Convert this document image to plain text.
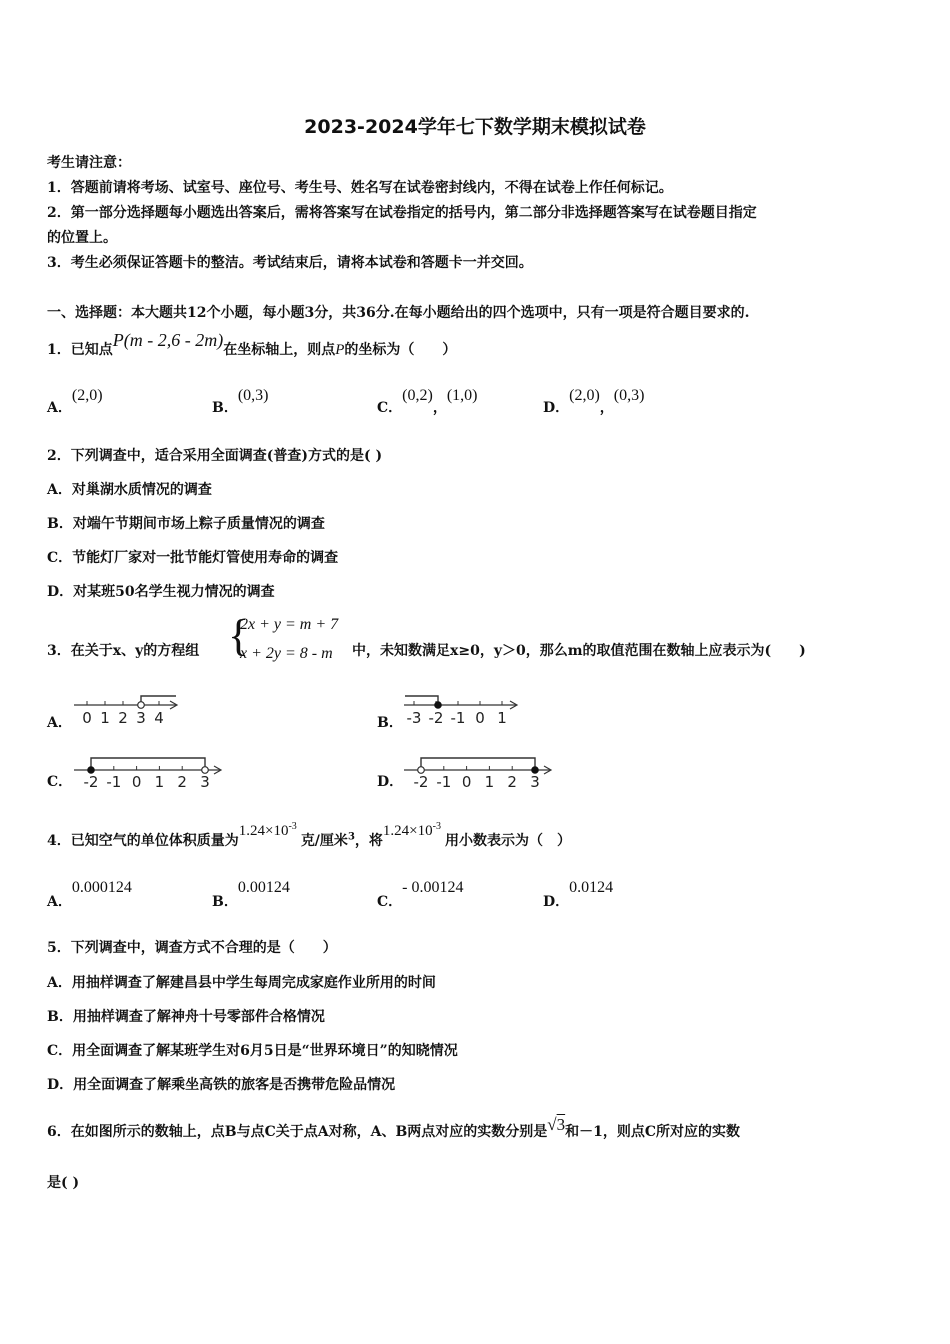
2023-2024学年七下数学期末模拟试卷
考生请注意：
1．答题前请将考场、试室号、座位号、考生号、姓名写在试卷密封线内，不得在试卷上作任何标记。
2．第一部分选择题每小题选出答案后，需将答案写在试卷指定的括号内，第二部分非选择题答案写在试卷题目指定
的位置上。
3．考生必须保证答题卡的整洁。考试结束后，请将本试卷和答题卡一并交回。
一、选择题：本大题共12个小题，每小题3分，共36分.在每小题给出的四个选项中，只有一项是符合题目要求的.
1．已知点P(m - 2,6 - 2m)在坐标轴上，则点P的坐标为（　　）
A．(2,0)
B．(0,3)
C．(0,2)，(1,0)
D．(2,0)，(0,3)
2．下列调查中，适合采用全面调查(普查)方式的是( )
A．对巢湖水质情况的调查
B．对端午节期间市场上粽子质量情况的调查
C．节能灯厂家对一批节能灯管使用寿命的调查
D．对某班50名学生视力情况的调查
3．在关于x、y的方程组 {
2x + y = m + 7
x + 2y = 8 - m 中，未知数满足x≥0，y＞0，那么m的取值范围在数轴上应表示为(　　)
A． 0 1 2 3 4	B． -3 -2 -1 0 1
C． -2 -1 0 1 2 3	D． -2 -1 0 1 2 3
4．已知空气的单位体积质量为$1.24\times 10^{-3}$克/厘米$^3$，将$1.24\times 10^{-3}$用小数表示为（　）
A．0.000124
B．0.00124
C．- 0.00124
D．0.0124
5．下列调查中，调查方式不合理的是（　　）
A．用抽样调查了解建昌县中学生每周完成家庭作业所用的时间
B．用抽样调查了解神舟十号零部件合格情况
C．用全面调查了解某班学生对6月5日是“世界环境日”的知晓情况
D．用全面调查了解乘坐高铁的旅客是否携带危险品情况
6．在如图所示的数轴上，点B与点C关于点A对称，A、B两点对应的实数分别是√3和－1，则点C所对应的实数
是( )
